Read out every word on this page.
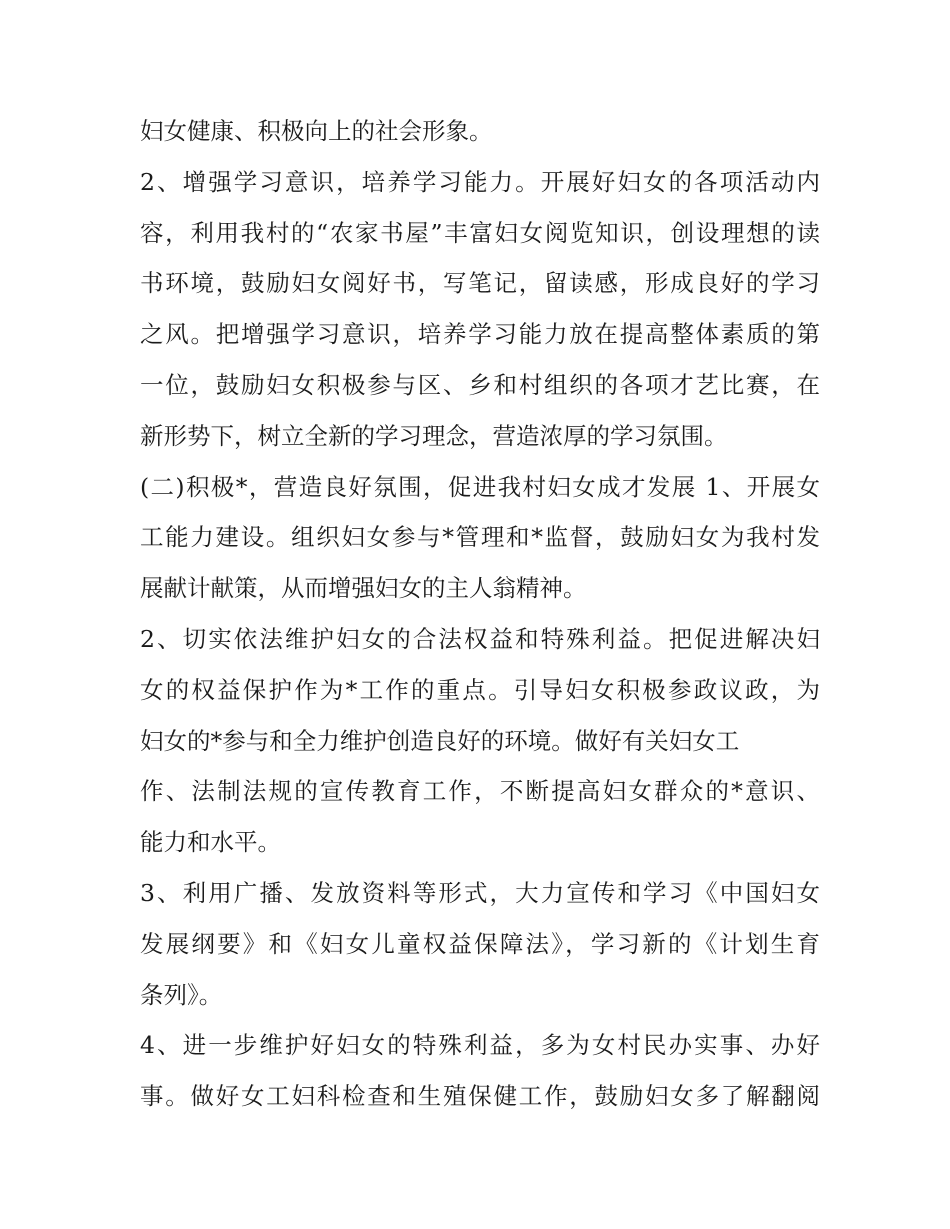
妇女健康、积极向上的社会形象。
2、增强学习意识，培养学习能力。开展好妇女的各项活动内
容，利用我村的“农家书屋”丰富妇女阅览知识，创设理想的读
书环境，鼓励妇女阅好书，写笔记，留读感，形成良好的学习
之风。把增强学习意识，培养学习能力放在提高整体素质的第
一位，鼓励妇女积极参与区、乡和村组织的各项才艺比赛，在
新形势下，树立全新的学习理念，营造浓厚的学习氛围。
(二)积极*，营造良好氛围，促进我村妇女成才发展 1、开展女
工能力建设。组织妇女参与*管理和*监督，鼓励妇女为我村发
展献计献策，从而增强妇女的主人翁精神。
2、切实依法维护妇女的合法权益和特殊利益。把促进解决妇
女的权益保护作为*工作的重点。引导妇女积极参政议政，为
妇女的*参与和全力维护创造良好的环境。做好有关妇女工
作、法制法规的宣传教育工作，不断提高妇女群众的*意识、
能力和水平。
3、利用广播、发放资料等形式，大力宣传和学习《中国妇女
发展纲要》和《妇女儿童权益保障法》，学习新的《计划生育
条列》。
4、进一步维护好妇女的特殊利益，多为女村民办实事、办好
事。做好女工妇科检查和生殖保健工作，鼓励妇女多了解翻阅
